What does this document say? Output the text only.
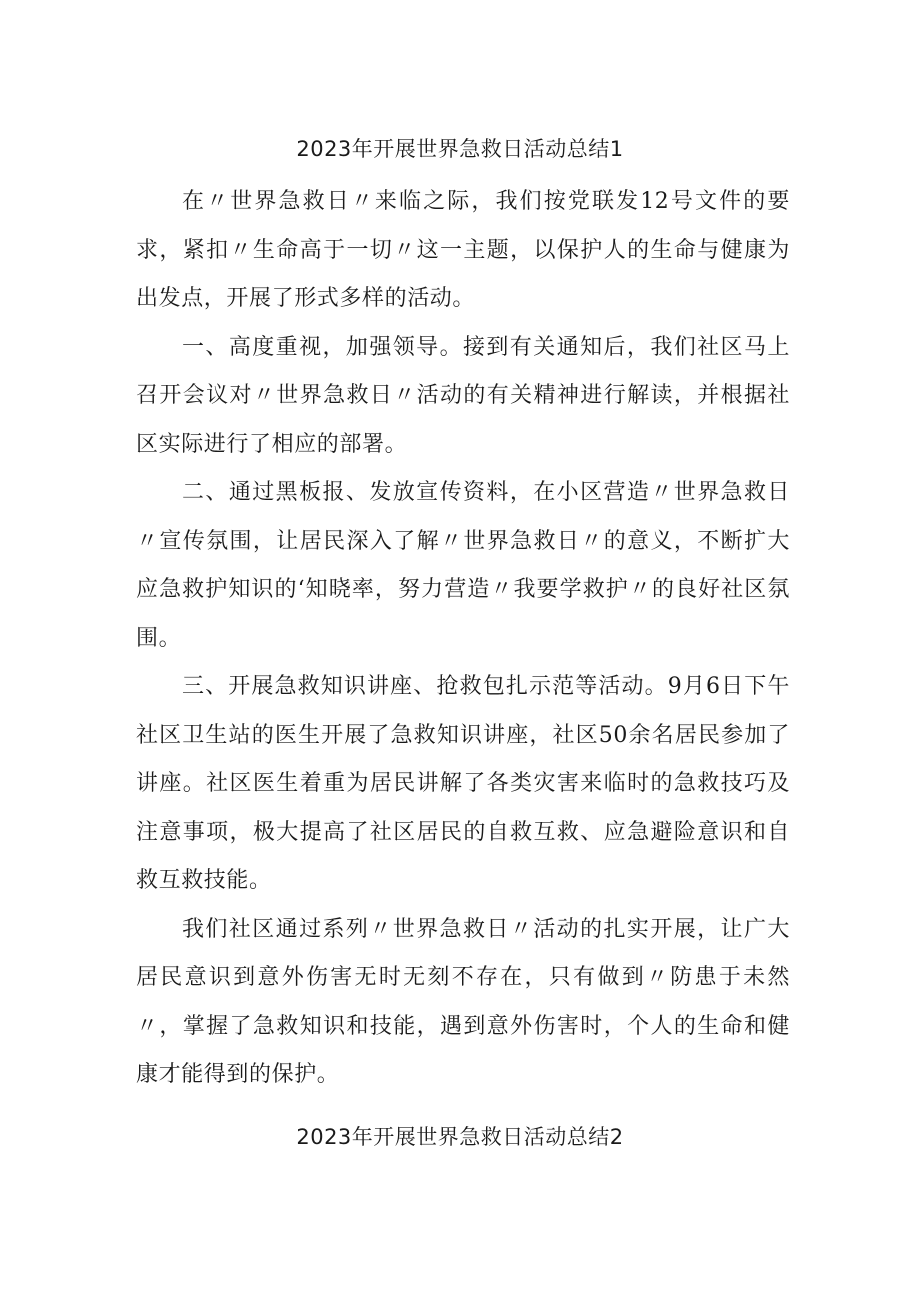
2023年开展世界急救日活动总结1

在〃世界急救日〃来临之际，我们按党联发12号文件的要求，紧扣〃生命高于一切〃这一主题，以保护人的生命与健康为出发点，开展了形式多样的活动。

一、高度重视，加强领导。接到有关通知后，我们社区马上召开会议对〃世界急救日〃活动的有关精神进行解读，并根据社区实际进行了相应的部署。

二、通过黑板报、发放宣传资料，在小区营造〃世界急救日〃宣传氛围，让居民深入了解〃世界急救日〃的意义，不断扩大应急救护知识的‘知晓率，努力营造〃我要学救护〃的良好社区氛围。

三、开展急救知识讲座、抢救包扎示范等活动。9月6日下午社区卫生站的医生开展了急救知识讲座，社区50余名居民参加了讲座。社区医生着重为居民讲解了各类灾害来临时的急救技巧及注意事项，极大提高了社区居民的自救互救、应急避险意识和自救互救技能。

我们社区通过系列〃世界急救日〃活动的扎实开展，让广大居民意识到意外伤害无时无刻不存在，只有做到〃防患于未然〃，掌握了急救知识和技能，遇到意外伤害时，个人的生命和健康才能得到的保护。

2023年开展世界急救日活动总结2
